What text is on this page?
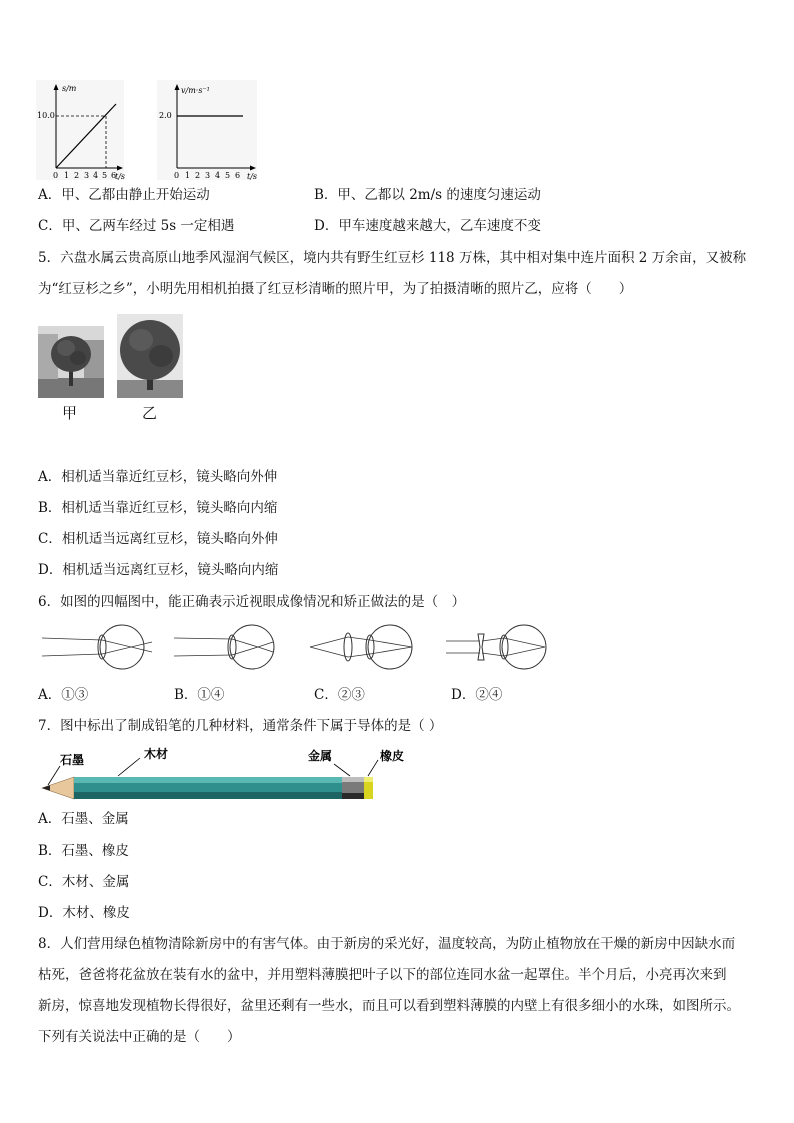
s/m
10.0
t/s
0 1 2 3 4 5 6
v/m·s⁻¹
2.0
t/s
0 1 2 3 4 5 6
A．甲、乙都由静止开始运动	B．甲、乙都以 2m/s 的速度匀速运动
C．甲、乙两车经过 5s 一定相遇	D．甲车速度越来越大，乙车速度不变
5．六盘水属云贵高原山地季风湿润气候区，境内共有野生红豆杉 118 万株，其中相对集中连片面积 2 万余亩，又被称
为“红豆杉之乡”，小明先用相机拍摄了红豆杉清晰的照片甲，为了拍摄清晰的照片乙，应将（　　）
甲	乙
A．相机适当靠近红豆杉，镜头略向外伸
B．相机适当靠近红豆杉，镜头略向内缩
C．相机适当远离红豆杉，镜头略向外伸
D．相机适当远离红豆杉，镜头略向内缩
6．如图的四幅图中，能正确表示近视眼成像情况和矫正做法的是（　）
A．①③	B．①④	C．②③	D．②④
7．图中标出了制成铅笔的几种材料，通常条件下属于导体的是（ ）
石墨	木材	金属	橡皮
A．石墨、金属
B．石墨、橡皮
C．木材、金属
D．木材、橡皮
8．人们营用绿色植物清除新房中的有害气体。由于新房的采光好，温度较高，为防止植物放在干燥的新房中因缺水而
枯死，爸爸将花盆放在装有水的盆中，并用塑料薄膜把叶子以下的部位连同水盆一起罩住。半个月后，小亮再次来到
新房，惊喜地发现植物长得很好，盆里还剩有一些水，而且可以看到塑料薄膜的内壁上有很多细小的水珠，如图所示。
下列有关说法中正确的是（　　）
